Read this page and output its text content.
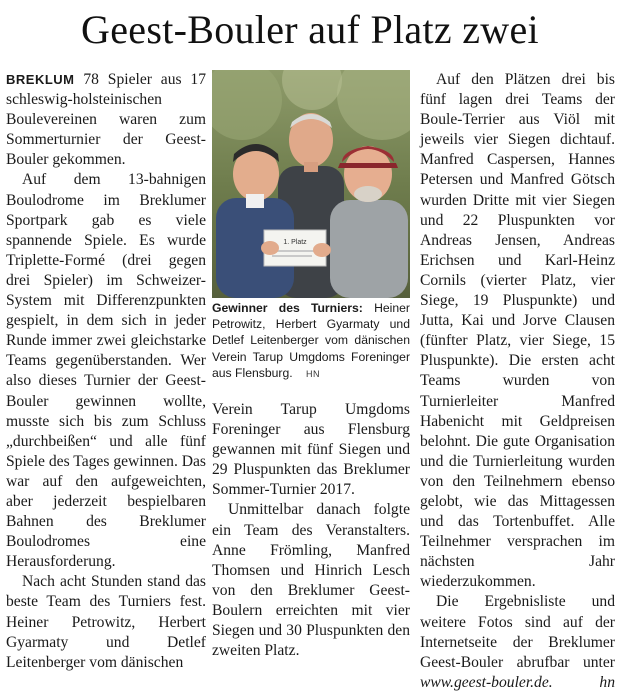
Geest-Bouler auf Platz zwei

BREKLUM 78 Spieler aus 17 schleswig-holsteinischen Boulevereinen waren zum Sommerturnier der Geest-Bouler gekommen.

Auf dem 13-bahnigen Boulodrome im Breklumer Sportpark gab es viele spannende Spiele. Es wurde Triplette-Formé (drei gegen drei Spieler) im Schweizer-System mit Differenzpunkten gespielt, in dem sich in jeder Runde immer zwei gleichstarke Teams gegenüberstanden. Wer also dieses Turnier der Geest-Bouler gewinnen wollte, musste sich bis zum Schluss „durchbeißen“ und alle fünf Spiele des Tages gewinnen. Das war auf den aufgeweichten, aber jederzeit bespielbaren Bahnen des Breklumer Boulodromes eine Herausforderung.

Nach acht Stunden stand das beste Team des Turniers fest. Heiner Petrowitz, Herbert Gyarmaty und Detlef Leitenberger vom dänischen

1. Platz
Gewinner des Turniers: Heiner Petrowitz, Herbert Gyarmaty und Detlef Leitenberger vom dänischen Verein Tarup Umgdoms Foreninger aus Flensburg. HN

Verein Tarup Umgdoms Foreninger aus Flensburg gewannen mit fünf Siegen und 29 Pluspunkten das Breklumer Sommer-Turnier 2017.

Unmittelbar danach folgte ein Team des Veranstalters. Anne Frömling, Manfred Thomsen und Hinrich Lesch von den Breklumer Geest-Boulern erreichten mit vier Siegen und 30 Pluspunkten den zweiten Platz.

Auf den Plätzen drei bis fünf lagen drei Teams der Boule-Terrier aus Viöl mit jeweils vier Siegen dichtauf. Manfred Caspersen, Hannes Petersen und Manfred Götsch wurden Dritte mit vier Siegen und 22 Pluspunkten vor Andreas Jensen, Andreas Erichsen und Karl-Heinz Cornils (vierter Platz, vier Siege, 19 Pluspunkte) und Jutta, Kai und Jorve Clausen (fünfter Platz, vier Siege, 15 Pluspunkte). Die ersten acht Teams wurden von Turnierleiter Manfred Habenicht mit Geldpreisen belohnt. Die gute Organisation und die Turnierleitung wurden von den Teilnehmern ebenso gelobt, wie das Mittagessen und das Tortenbuffet. Alle Teilnehmer versprachen im nächsten Jahr wiederzukommen.

Die Ergebnisliste und weitere Fotos sind auf der Internetseite der Breklumer Geest-Bouler abrufbar unter www.geest-bouler.de.	hn
